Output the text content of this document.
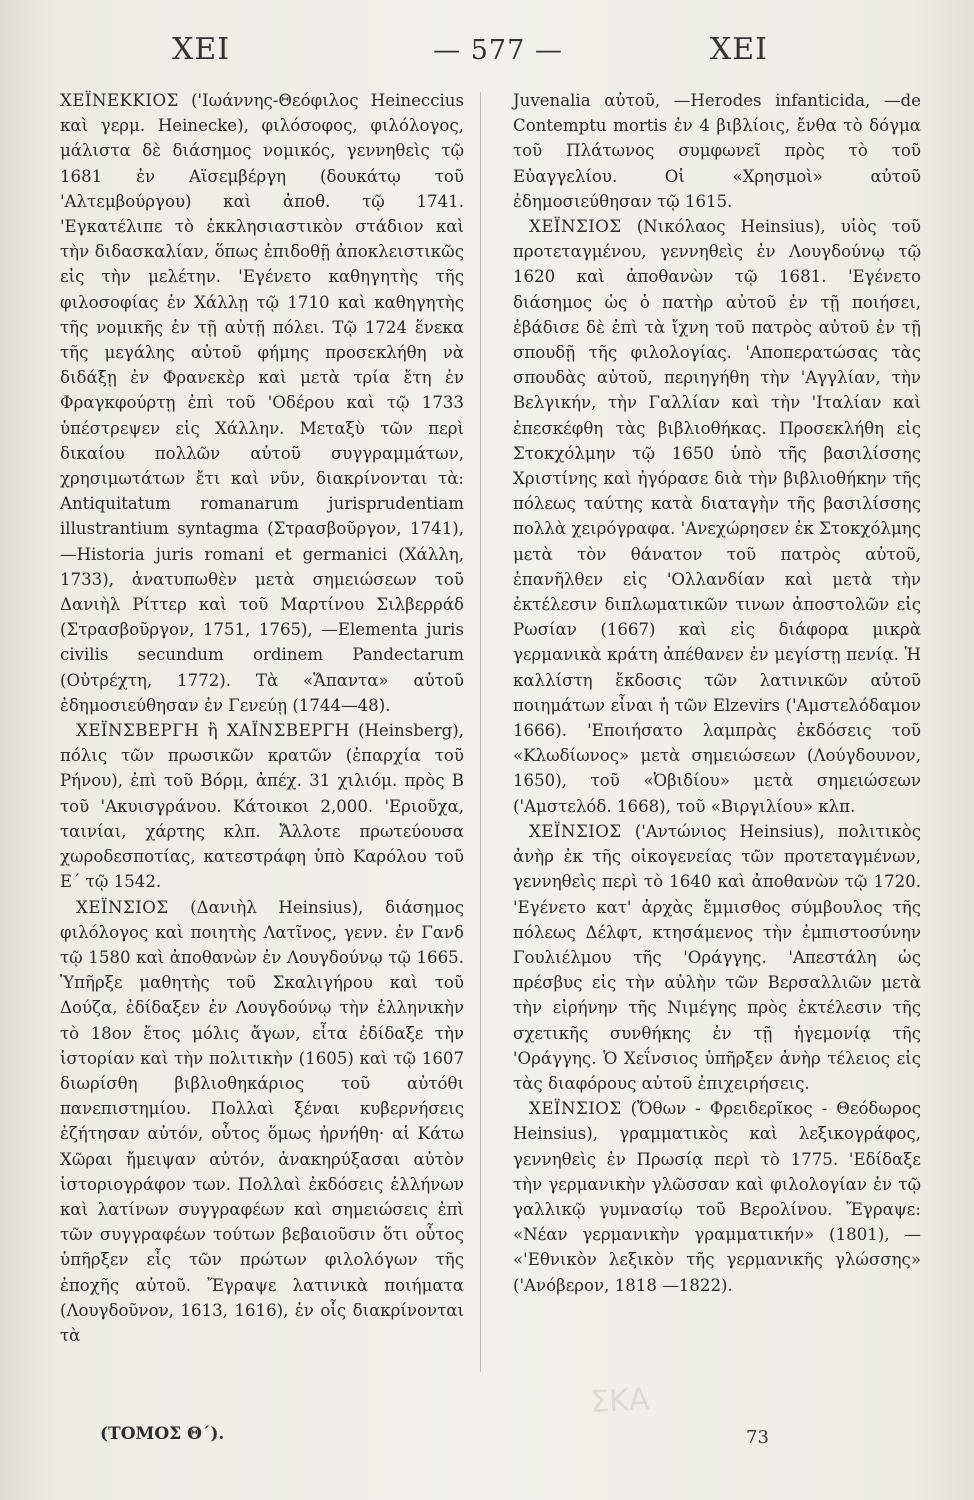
ΧΕΙ	— 577 —	ΧΕΙ

ΧΕΪΝΕΚΚΙΟΣ ('Ιωάννης-Θεόφιλος Heineccius καὶ γερμ. Heinecke), φιλόσοφος, φιλόλογος, μάλιστα δὲ διάσημος νομικός, γεννηθεὶς τῷ 1681 ἐν Αϊσεμβέργη (δουκάτῳ τοῦ 'Αλτεμβούργου) καὶ ἀποθ. τῷ 1741. 'Εγκατέλιπε τὸ ἐκκλησιαστικὸν στάδιον καὶ τὴν διδασκαλίαν, ὅπως ἐπιδοθῇ ἀποκλειστικῶς εἰς τὴν μελέτην. 'Εγένετο καθηγητὴς τῆς φιλοσοφίας ἐν Χάλλῃ τῷ 1710 καὶ καθηγητὴς τῆς νομικῆς ἐν τῇ αὐτῇ πόλει. Τῷ 1724 ἕνεκα τῆς μεγάλης αὐτοῦ φήμης προσεκλήθη νὰ διδάξῃ ἐν Φρανεκὲρ καὶ μετὰ τρία ἔτη ἐν Φραγκφούρτῃ ἐπὶ τοῦ 'Οδέρου καὶ τῷ 1733 ὑπέστρεψεν εἰς Χάλλην. Μεταξὺ τῶν περὶ δικαίου πολλῶν αὐτοῦ συγγραμμάτων, χρησιμωτάτων ἔτι καὶ νῦν, διακρίνονται τὰ: Antiquitatum romanarum jurisprudentiam illustrantium syntagma (Στρασβοῦργον, 1741), —Historia juris romani et germanici (Χάλλη, 1733), ἀνατυπωθὲν μετὰ σημειώσεων τοῦ Δανιὴλ Ρίττερ καὶ τοῦ Μαρτίνου Σιλβερράδ (Στρασβοῦργον, 1751, 1765), —Elementa juris civilis secundum ordinem Pandectarum (Οὐτρέχτη, 1772). Τὰ «Ἅπαντα» αὐτοῦ ἐδημοσιεύθησαν ἐν Γενεύῃ (1744—48).

ΧΕΪΝΣΒΕΡΓΗ ἢ ΧΑΪΝΣΒΕΡΓΗ (Heinsberg), πόλις τῶν πρωσικῶν κρατῶν (ἐπαρχία τοῦ Ρήνου), ἐπὶ τοῦ Βόρμ, ἀπέχ. 31 χιλιόμ. πρὸς Β τοῦ 'Ακυισγράνου. Κάτοικοι 2,000. 'Εριοῦχα, ταινίαι, χάρτης κλπ. Ἄλλοτε πρωτεύουσα χωροδεσποτίας, κατεστράφη ὑπὸ Καρόλου τοῦ Ε΄ τῷ 1542.

ΧΕΪΝΣΙΟΣ (Δανιὴλ Heinsius), διάσημος φιλόλογος καὶ ποιητὴς Λατῖνος, γενν. ἐν Γανδ τῷ 1580 καὶ ἀποθανὼν ἐν Λουγδούνῳ τῷ 1665. Ὑπῆρξε μαθητὴς τοῦ Σκαλιγήρου καὶ τοῦ Δούζα, ἐδίδαξεν ἐν Λουγδούνῳ τὴν ἑλληνικὴν τὸ 18ον ἔτος μόλις ἄγων, εἶτα ἐδίδαξε τὴν ἱστορίαν καὶ τὴν πολιτικὴν (1605) καὶ τῷ 1607 διωρίσθη βιβλιοθηκάριος τοῦ αὐτόθι πανεπιστημίου. Πολλαὶ ξέναι κυβερνήσεις ἐζήτησαν αὐτόν, οὗτος ὅμως ἠρνήθη· αἱ Κάτω Χῶραι ἤμειψαν αὐτόν, ἀνακηρύξασαι αὐτὸν ἱστοριογράφον των. Πολλαὶ ἐκδόσεις ἑλλήνων καὶ λατίνων συγγραφέων καὶ σημειώσεις ἐπὶ τῶν συγγραφέων τούτων βεβαιοῦσιν ὅτι οὗτος ὑπῆρξεν εἷς τῶν πρώτων φιλολόγων τῆς ἐποχῆς αὐτοῦ. Ἔγραψε λατινικὰ ποιήματα (Λουγδοῦνον, 1613, 1616), ἐν οἷς διακρίνονται τὰ

Juvenalia αὐτοῦ, —Herodes infanticida, —de Contemptu mortis ἐν 4 βιβλίοις, ἔνθα τὸ δόγμα τοῦ Πλάτωνος συμφωνεῖ πρὸς τὸ τοῦ Εὐαγγελίου. Οἱ «Χρησμοὶ» αὐτοῦ ἐδημοσιεύθησαν τῷ 1615.

ΧΕΪΝΣΙΟΣ (Νικόλαος Heinsius), υἱὸς τοῦ προτεταγμένου, γεννηθεὶς ἐν Λουγδούνῳ τῷ 1620 καὶ ἀποθανὼν τῷ 1681. 'Εγένετο διάσημος ὡς ὁ πατὴρ αὐτοῦ ἐν τῇ ποιήσει, ἐβάδισε δὲ ἐπὶ τὰ ἴχνη τοῦ πατρὸς αὐτοῦ ἐν τῇ σπουδῇ τῆς φιλολογίας. 'Αποπερατώσας τὰς σπουδὰς αὐτοῦ, περιηγήθη τὴν 'Αγγλίαν, τὴν Βελγικήν, τὴν Γαλλίαν καὶ τὴν 'Ιταλίαν καὶ ἐπεσκέφθη τὰς βιβλιοθήκας. Προσεκλήθη εἰς Στοκχόλμην τῷ 1650 ὑπὸ τῆς βασιλίσσης Χριστίνης καὶ ἠγόρασε διὰ τὴν βιβλιοθήκην τῆς πόλεως ταύτης κατὰ διαταγὴν τῆς βασιλίσσης πολλὰ χειρόγραφα. 'Ανεχώρησεν ἐκ Στοκχόλμης μετὰ τὸν θάνατον τοῦ πατρὸς αὐτοῦ, ἐπανῆλθεν εἰς 'Ολλανδίαν καὶ μετὰ τὴν ἐκτέλεσιν διπλωματικῶν τινων ἀποστολῶν εἰς Ρωσίαν (1667) καὶ εἰς διάφορα μικρὰ γερμανικὰ κράτη ἀπέθανεν ἐν μεγίστῃ πενίᾳ. Ἡ καλλίστη ἔκδοσις τῶν λατινικῶν αὐτοῦ ποιημάτων εἶναι ἡ τῶν Elzevirs ('Αμστελόδαμον 1666). 'Εποιήσατο λαμπρὰς ἐκδόσεις τοῦ «Κλωδίωνος» μετὰ σημειώσεων (Λούγδουνον, 1650), τοῦ «Ὀβιδίου» μετὰ σημειώσεων ('Αμστελόδ. 1668), τοῦ «Βιργιλίου» κλπ.

ΧΕΪΝΣΙΟΣ ('Αντώνιος Heinsius), πολιτικὸς ἀνὴρ ἐκ τῆς οἰκογενείας τῶν προτεταγμένων, γεννηθεὶς περὶ τὸ 1640 καὶ ἀποθανὼν τῷ 1720. 'Εγένετο κατ' ἀρχὰς ἔμμισθος σύμβουλος τῆς πόλεως Δέλφτ, κτησάμενος τὴν ἐμπιστοσύνην Γουλιέλμου τῆς 'Οράγγης. 'Απεστάλη ὡς πρέσβυς εἰς τὴν αὐλὴν τῶν Βερσαλλιῶν μετὰ τὴν εἰρήνην τῆς Νιμέγης πρὸς ἐκτέλεσιν τῆς σχετικῆς συνθήκης ἐν τῇ ἡγεμονίᾳ τῆς 'Οράγγης. Ὁ Χεΐνσιος ὑπῆρξεν ἀνὴρ τέλειος εἰς τὰς διαφόρους αὐτοῦ ἐπιχειρήσεις.

ΧΕΪΝΣΙΟΣ (Ὄθων - Φρειδερῖκος - Θεόδωρος Heinsius), γραμματικὸς καὶ λεξικογράφος, γεννηθεὶς ἐν Πρωσίᾳ περὶ τὸ 1775. 'Εδίδαξε τὴν γερμανικὴν γλῶσσαν καὶ φιλολογίαν ἐν τῷ γαλλικῷ γυμνασίῳ τοῦ Βερολίνου. Ἔγραψε: «Νέαν γερμανικὴν γραμματικήν» (1801), — «'Εθνικὸν λεξικὸν τῆς γερμανικῆς γλώσσης» ('Ανόβερον, 1818 —1822).

ΣΚΑ
(ΤΟΜΟΣ Θ΄).	73
